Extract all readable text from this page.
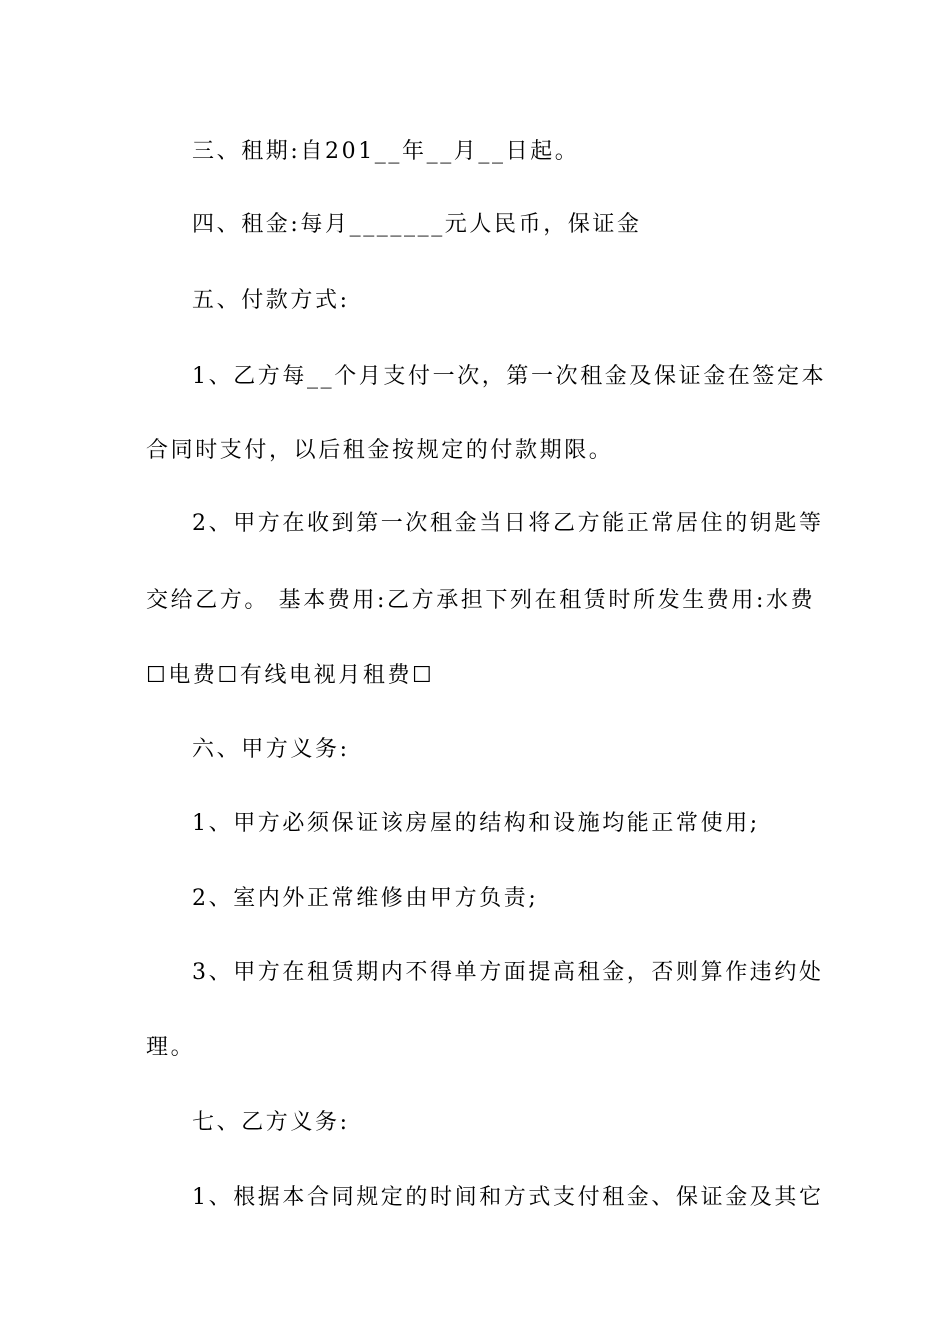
三、租期:自201__年__月__日起。

四、租金:每月_______元人民币，保证金

五、付款方式:

1、乙方每__个月支付一次，第一次租金及保证金在签定本

合同时支付，以后租金按规定的付款期限。

2、甲方在收到第一次租金当日将乙方能正常居住的钥匙等

交给乙方。 基本费用:乙方承担下列在租赁时所发生费用:水费

☐电费☐有线电视月租费☐

六、甲方义务:

1、甲方必须保证该房屋的结构和设施均能正常使用;

2、室内外正常维修由甲方负责;

3、甲方在租赁期内不得单方面提高租金，否则算作违约处

理。

七、乙方义务:

1、根据本合同规定的时间和方式支付租金、保证金及其它
